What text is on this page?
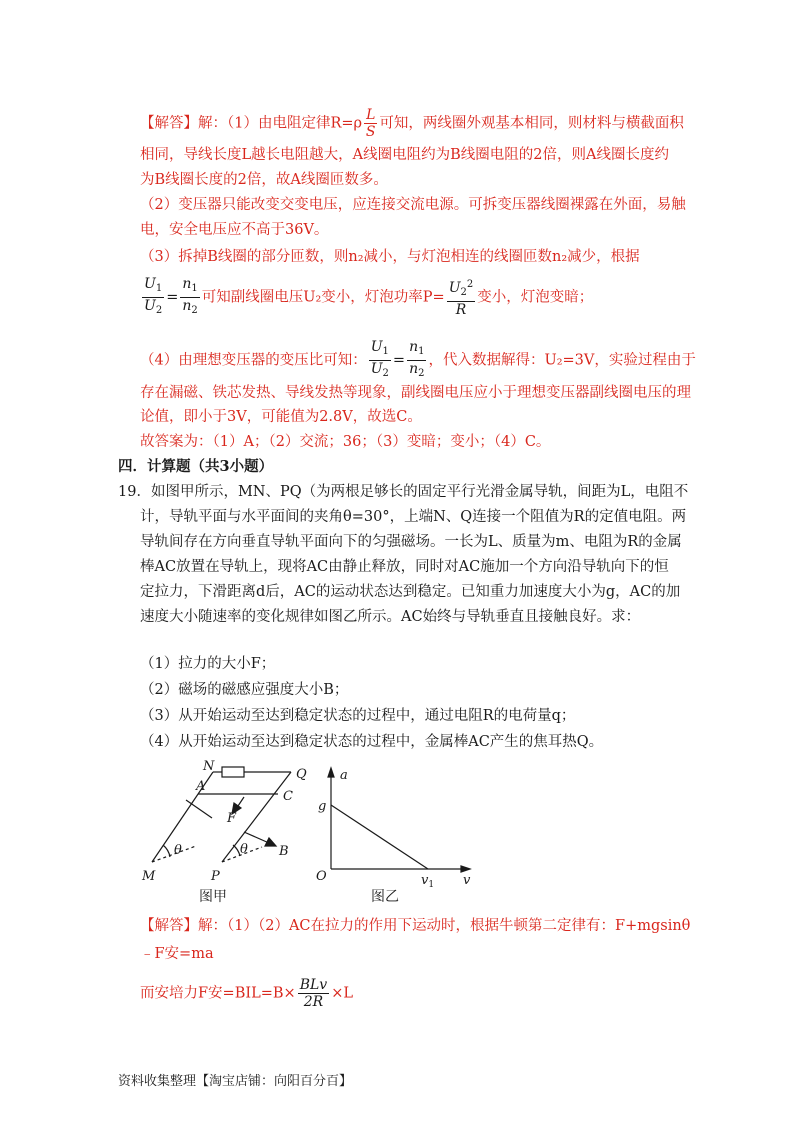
【解答】解：（1）由电阻定律$R=\rho \frac{L}{S}$ 可知，两线圈外观基本相同，则材料与横截面积
相同，导线长度L越长电阻越大，A线圈电阻约为B线圈电阻的2倍，则A线圈长度约
为B线圈长度的2倍，故A线圈匝数多。
（2）变压器只能改变交变电压，应连接交流电源。可拆变压器线圈裸露在外面，易触
电，安全电压应不高于36V。
（3）拆掉B线圈的部分匝数，则n₂减小，与灯泡相连的线圈匝数n₂减少，根据
$\frac{U_1}{U_2} = \frac{n_1}{n_2}$ 可知副线圈电压U₂变小，灯泡功率$P= \frac{U_2^2}{R}$ 变小，灯泡变暗；
（4）由理想变压器的变压比可知： $\frac{U_1}{U_2} = \frac{n_1}{n_2}$ ，代入数据解得：U₂=3V，实验过程由于
存在漏磁、铁芯发热、导线发热等现象，副线圈电压应小于理想变压器副线圈电压的理
论值，即小于3V，可能值为2.8V，故选C。
故答案为：（1）A；（2）交流；36；（3）变暗；变小；（4）C。
四．计算题（共3小题）
19．如图甲所示，MN、PQ（为两根足够长的固定平行光滑金属导轨，间距为L，电阻不
计，导轨平面与水平面间的夹角θ=30°，上端N、Q连接一个阻值为R的定值电阻。两
导轨间存在方向垂直导轨平面向下的匀强磁场。一长为L、质量为m、电阻为R的金属
棒AC放置在导轨上，现将AC由静止释放，同时对AC施加一个方向沿导轨向下的恒
定拉力，下滑距离d后，AC的运动状态达到稳定。已知重力加速度大小为g，AC的加
速度大小随速率的变化规律如图乙所示。AC始终与导轨垂直且接触良好。求：
（1）拉力的大小F；
（2）磁场的磁感应强度大小B；
（3）从开始运动至达到稳定状态的过程中，通过电阻R的电荷量q；
（4）从开始运动至达到稳定状态的过程中，金属棒AC产生的焦耳热Q。
N
Q
A
C
F
B
θ	θ
M	P
图甲
a
g
O	$v_1$ v
图乙
【解答】解：（1）（2）AC在拉力的作用下运动时，根据牛顿第二定律有：F+mgsinθ
﹣F安=ma
而安培力F安$=BIL=B\times \frac{\text{BLv}}{2R} \times L$
资料收集整理【淘宝店铺：向阳百分百】
